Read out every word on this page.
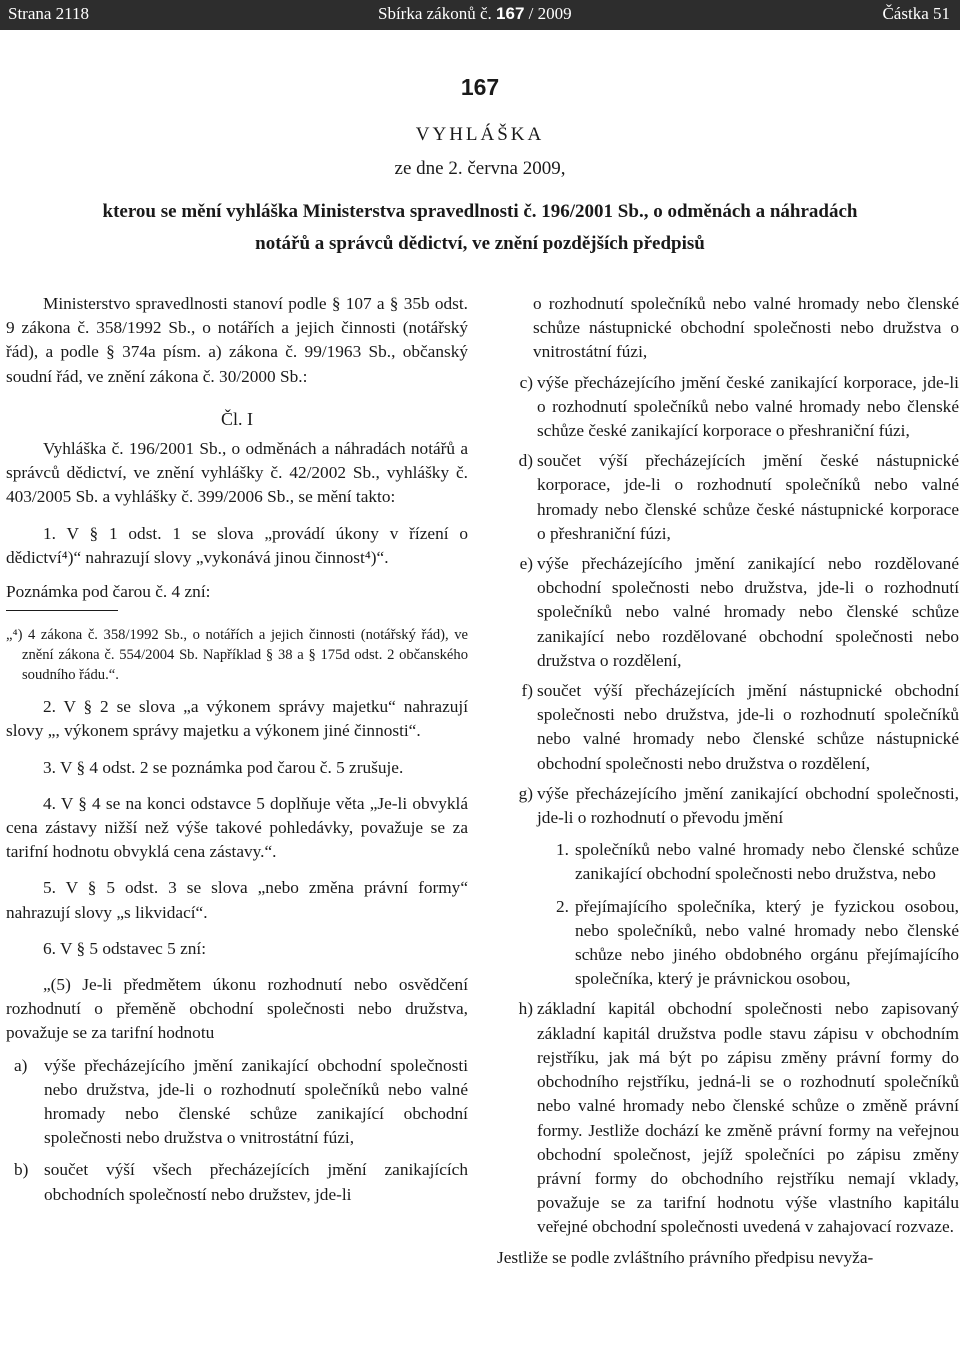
Strana 2118	Sbírka zákonů č. 167 / 2009	Částka 51
167
VYHLÁŠKA
ze dne 2. června 2009,
kterou se mění vyhláška Ministerstva spravedlnosti č. 196/2001 Sb., o odměnách a náhradách notářů a správců dědictví, ve znění pozdějších předpisů

Ministerstvo spravedlnosti stanoví podle § 107 a § 35b odst. 9 zákona č. 358/1992 Sb., o notářích a jejich činnosti (notářský řád), a podle § 374a písm. a) zákona č. 99/1963 Sb., občanský soudní řád, ve znění zákona č. 30/2000 Sb.:

Čl. I

Vyhláška č. 196/2001 Sb., o odměnách a náhradách notářů a správců dědictví, ve znění vyhlášky č. 42/2002 Sb., vyhlášky č. 403/2005 Sb. a vyhlášky č. 399/2006 Sb., se mění takto:

1. V § 1 odst. 1 se slova „provádí úkony v řízení o dědictví⁴)“ nahrazují slovy „vykonává jinou činnost⁴)“.

Poznámka pod čarou č. 4 zní:

„⁴) 4 zákona č. 358/1992 Sb., o notářích a jejich činnosti (notářský řád), ve znění zákona č. 554/2004 Sb. Například § 38 a § 175d odst. 2 občanského soudního řádu.“.

2. V § 2 se slova „a výkonem správy majetku“ nahrazují slovy „, výkonem správy majetku a výkonem jiné činnosti“.

3. V § 4 odst. 2 se poznámka pod čarou č. 5 zrušuje.

4. V § 4 se na konci odstavce 5 doplňuje věta „Je-li obvyklá cena zástavy nižší než výše takové pohledávky, považuje se za tarifní hodnotu obvyklá cena zástavy.“.

5. V § 5 odst. 3 se slova „nebo změna právní formy“ nahrazují slovy „s likvidací“.

6. V § 5 odstavec 5 zní:

„(5) Je-li předmětem úkonu rozhodnutí nebo osvědčení rozhodnutí o přeměně obchodní společnosti nebo družstva, považuje se za tarifní hodnotu

a) výše přecházejícího jmění zanikající obchodní společnosti nebo družstva, jde-li o rozhodnutí společníků nebo valné hromady nebo členské schůze zanikající obchodní společnosti nebo družstva o vnitrostátní fúzi,
b) součet výší všech přecházejících jmění zanikajících obchodních společností nebo družstev, jde-li

o rozhodnutí společníků nebo valné hromady nebo členské schůze nástupnické obchodní společnosti nebo družstva o vnitrostátní fúzi,

c) výše přecházejícího jmění české zanikající korporace, jde-li o rozhodnutí společníků nebo valné hromady nebo členské schůze české zanikající korporace o přeshraniční fúzi,
d) součet výší přecházejících jmění české nástupnické korporace, jde-li o rozhodnutí společníků nebo valné hromady nebo členské schůze české nástupnické korporace o přeshraniční fúzi,
e) výše přecházejícího jmění zanikající nebo rozdělované obchodní společnosti nebo družstva, jde-li o rozhodnutí společníků nebo valné hromady nebo členské schůze zanikající nebo rozdělované obchodní společnosti nebo družstva o rozdělení,
f) součet výší přecházejících jmění nástupnické obchodní společnosti nebo družstva, jde-li o rozhodnutí společníků nebo valné hromady nebo členské schůze nástupnické obchodní společnosti nebo družstva o rozdělení,
g) výše přecházejícího jmění zanikající obchodní společnosti, jde-li o rozhodnutí o převodu jmění
1. společníků nebo valné hromady nebo členské schůze zanikající obchodní společnosti nebo družstva, nebo
2. přejímajícího společníka, který je fyzickou osobou, nebo společníků, nebo valné hromady nebo členské schůze nebo jiného obdobného orgánu přejímajícího společníka, který je právnickou osobou,
h) základní kapitál obchodní společnosti nebo zapisovaný základní kapitál družstva podle stavu zápisu v obchodním rejstříku, jak má být po zápisu změny právní formy do obchodního rejstříku, jedná-li se o rozhodnutí společníků nebo valné hromady nebo členské schůze o změně právní formy. Jestliže dochází ke změně právní formy na veřejnou obchodní společnost, jejíž společníci po zápisu změny právní formy do obchodního rejstříku nemají vklady, považuje se za tarifní hodnotu výše vlastního kapitálu veřejné obchodní společnosti uvedená v zahajovací rozvaze.

Jestliže se podle zvláštního právního předpisu nevyža-
